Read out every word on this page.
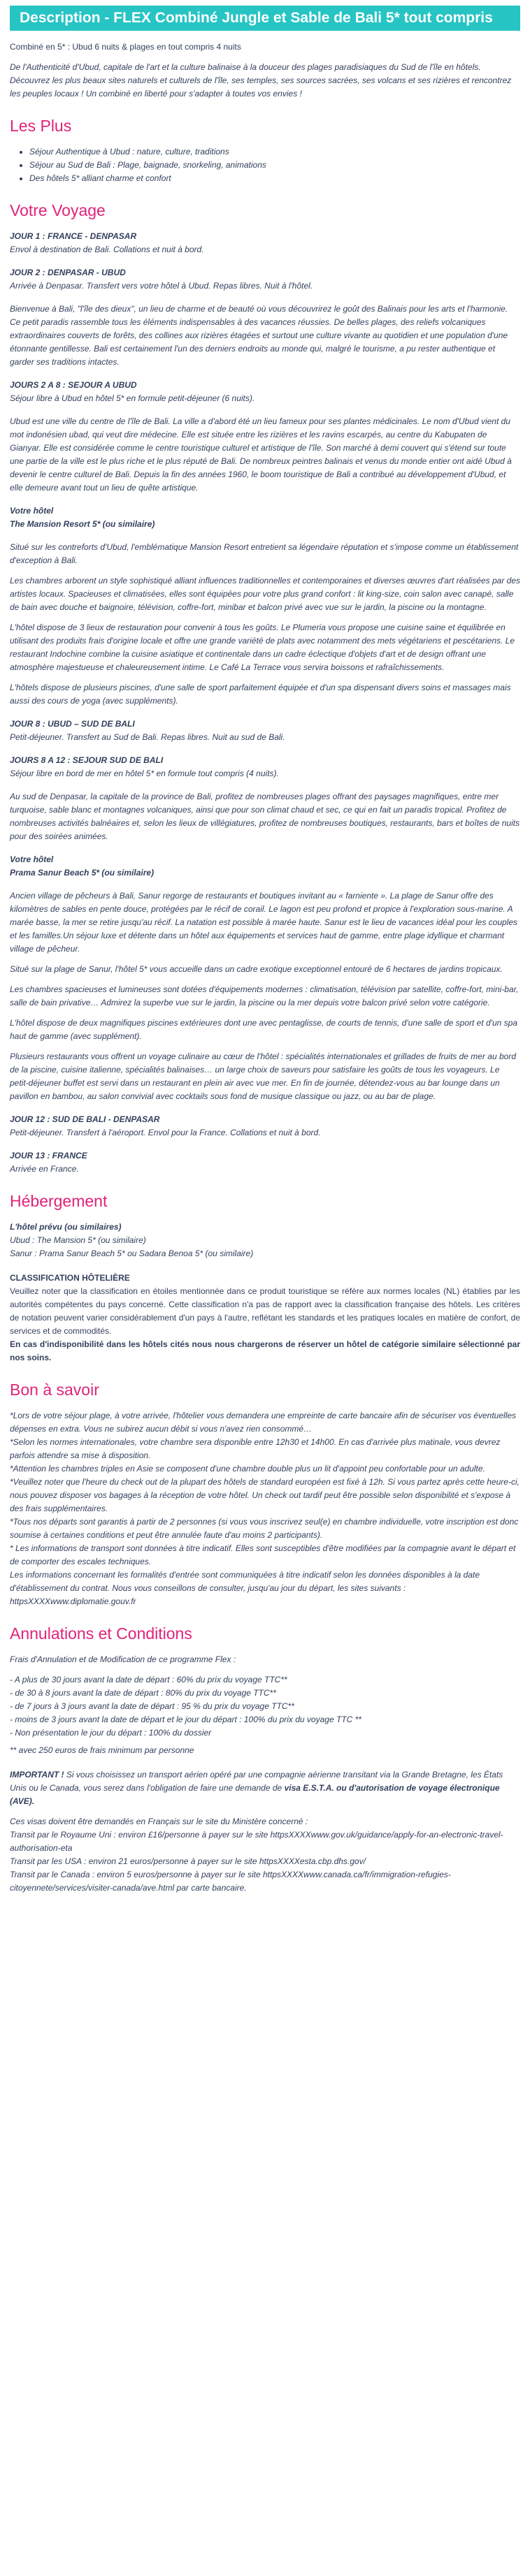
Description - FLEX Combiné Jungle et Sable de Bali 5* tout compris

Combiné en 5* : Ubud 6 nuits & plages en tout compris 4 nuits

De l'Authenticité d'Ubud, capitale de l'art et la culture balinaise à la douceur des plages paradisiaques du Sud de l'île en hôtels. Découvrez les plus beaux sites naturels et culturels de l'île, ses temples, ses sources sacrées, ses volcans et ses rizières et rencontrez les peuples locaux ! Un combiné en liberté pour s'adapter à toutes vos envies !

Les Plus
• Séjour Authentique à Ubud : nature, culture, traditions
• Séjour au Sud de Bali : Plage, baignade, snorkeling, animations
• Des hôtels 5* alliant charme et confort
Votre Voyage
JOUR 1 : FRANCE - DENPASAR
Envol à destination de Bali. Collations et nuit à bord.
JOUR 2 : DENPASAR - UBUD
Arrivée à Denpasar. Transfert vers votre hôtel à Ubud. Repas libres. Nuit à l'hôtel.

Bienvenue à Bali, "l'île des dieux", un lieu de charme et de beauté où vous découvrirez le goût des Balinais pour les arts et l'harmonie. Ce petit paradis rassemble tous les éléments indispensables à des vacances réussies. De belles plages, des reliefs volcaniques extraordinaires couverts de forêts, des collines aux rizières étagées et surtout une culture vivante au quotidien et une population d'une étonnante gentillesse. Bali est certainement l'un des derniers endroits au monde qui, malgré le tourisme, a pu rester authentique et garder ses traditions intactes.

JOURS 2 A 8 : SEJOUR A UBUD
Séjour libre à Ubud en hôtel 5* en formule petit-déjeuner (6 nuits).

Ubud est une ville du centre de l'île de Bali. La ville a d'abord été un lieu fameux pour ses plantes médicinales. Le nom d'Ubud vient du mot indonésien ubad, qui veut dire médecine. Elle est située entre les rizières et les ravins escarpés, au centre du Kabupaten de Gianyar. Elle est considérée comme le centre touristique culturel et artistique de l'île. Son marché à demi couvert qui s'étend sur toute une partie de la ville est le plus riche et le plus réputé de Bali. De nombreux peintres balinais et venus du monde entier ont aidé Ubud à devenir le centre culturel de Bali. Depuis la fin des années 1960, le boom touristique de Bali a contribué au développement d'Ubud, et elle demeure avant tout un lieu de quête artistique.

Votre hôtel
The Mansion Resort 5* (ou similaire)

Situé sur les contreforts d'Ubud, l'emblématique Mansion Resort entretient sa légendaire réputation et s'impose comme un établissement d'exception à Bali.

Les chambres arborent un style sophistiqué alliant influences traditionnelles et contemporaines et diverses œuvres d'art réalisées par des artistes locaux. Spacieuses et climatisées, elles sont équipées pour votre plus grand confort : lit king-size, coin salon avec canapé, salle de bain avec douche et baignoire, télévision, coffre-fort, minibar et balcon privé avec vue sur le jardin, la piscine ou la montagne.

L'hôtel dispose de 3 lieux de restauration pour convenir à tous les goûts. Le Plumeria vous propose une cuisine saine et équilibrée en utilisant des produits frais d'origine locale et offre une grande variété de plats avec notamment des mets végétariens et pescétariens. Le restaurant Indochine combine la cuisine asiatique et continentale dans un cadre éclectique d'objets d'art et de design offrant une atmosphère majestueuse et chaleureusement intime. Le Café La Terrace vous servira boissons et rafraîchissements.

L'hôtels dispose de plusieurs piscines, d'une salle de sport parfaitement équipée et d'un spa dispensant divers soins et massages mais aussi des cours de yoga (avec suppléments).

JOUR 8 : UBUD – SUD DE BALI
Petit-déjeuner. Transfert au Sud de Bali. Repas libres. Nuit au sud de Bali.
JOURS 8 A 12 : SEJOUR SUD DE BALI
Séjour libre en bord de mer en hôtel 5* en formule tout compris (4 nuits).

Au sud de Denpasar, la capitale de la province de Bali, profitez de nombreuses plages offrant des paysages magnifiques, entre mer turquoise, sable blanc et montagnes volcaniques, ainsi que pour son climat chaud et sec, ce qui en fait un paradis tropical. Profitez de nombreuses activités balnéaires et, selon les lieux de villégiatures, profitez de nombreuses boutiques, restaurants, bars et boîtes de nuits pour des soirées animées.

Votre hôtel
Prama Sanur Beach 5* (ou similaire)

Ancien village de pêcheurs à Bali, Sanur regorge de restaurants et boutiques invitant au « farniente ». La plage de Sanur offre des kilomètres de sables en pente douce, protégées par le récif de corail. Le lagon est peu profond et propice à l'exploration sous-marine. A marée basse, la mer se retire jusqu'au récif. La natation est possible à marée haute. Sanur est le lieu de vacances idéal pour les couples et les familles.Un séjour luxe et détente dans un hôtel aux équipements et services haut de gamme, entre plage idyllique et charmant village de pêcheur.

Situé sur la plage de Sanur, l'hôtel 5* vous accueille dans un cadre exotique exceptionnel entouré de 6 hectares de jardins tropicaux.

Les chambres spacieuses et lumineuses sont dotées d'équipements modernes : climatisation, télévision par satellite, coffre-fort, mini-bar, salle de bain privative… Admirez la superbe vue sur le jardin, la piscine ou la mer depuis votre balcon privé selon votre catégorie.

L'hôtel dispose de deux magnifiques piscines extérieures dont une avec pentaglisse, de courts de tennis, d'une salle de sport et d'un spa haut de gamme (avec supplément).

Plusieurs restaurants vous offrent un voyage culinaire au cœur de l'hôtel : spécialités internationales et grillades de fruits de mer au bord de la piscine, cuisine italienne, spécialités balinaises… un large choix de saveurs pour satisfaire les goûts de tous les voyageurs. Le petit-déjeuner buffet est servi dans un restaurant en plein air avec vue mer. En fin de journée, détendez-vous au bar lounge dans un pavillon en bambou, au salon convivial avec cocktails sous fond de musique classique ou jazz, ou au bar de plage.

JOUR 12 : SUD DE BALI - DENPASAR
Petit-déjeuner. Transfert à l'aéroport. Envol pour la France. Collations et nuit à bord.
JOUR 13 : FRANCE
Arrivée en France.
Hébergement
L'hôtel prévu (ou similaires)
Ubud : The Mansion 5* (ou similaire)
Sanur : Prama Sanur Beach 5* ou Sadara Benoa 5* (ou similaire)
CLASSIFICATION HÔTELIÈRE
Veuillez noter que la classification en étoiles mentionnée dans ce produit touristique se réfère aux normes locales (NL) établies par les autorités compétentes du pays concerné. Cette classification n'a pas de rapport avec la classification française des hôtels. Les critères de notation peuvent varier considérablement d'un pays à l'autre, reflétant les standards et les pratiques locales en matière de confort, de services et de commodités.
En cas d'indisponibilité dans les hôtels cités nous nous chargerons de réserver un hôtel de catégorie similaire sélectionné par nos soins.
Bon à savoir
*Lors de votre séjour plage, à votre arrivée, l'hôtelier vous demandera une empreinte de carte bancaire afin de sécuriser vos éventuelles dépenses en extra. Vous ne subirez aucun débit si vous n'avez rien consommé…
*Selon les normes internationales, votre chambre sera disponible entre 12h30 et 14h00. En cas d'arrivée plus matinale, vous devrez parfois attendre sa mise à disposition.
*Attention les chambres triples en Asie se composent d'une chambre double plus un lit d'appoint peu confortable pour un adulte.
*Veuillez noter que l'heure du check out de la plupart des hôtels de standard européen est fixé à 12h. Si vous partez après cette heure-ci, nous pouvez disposer vos bagages à la réception de votre hôtel. Un check out tardif peut être possible selon disponibilité et s'expose à des frais supplémentaires.
*Tous nos départs sont garantis à partir de 2 personnes (si vous vous inscrivez seul(e) en chambre individuelle, votre inscription est donc soumise à certaines conditions et peut être annulée faute d'au moins 2 participants).
* Les informations de transport sont données à titre indicatif. Elles sont susceptibles d'être modifiées par la compagnie avant le départ et de comporter des escales techniques.
Les informations concernant les formalités d'entrée sont communiquées à titre indicatif selon les données disponibles à la date d'établissement du contrat. Nous vous conseillons de consulter, jusqu'au jour du départ, les sites suivants : httpsXXXXwww.diplomatie.gouv.fr
Annulations et Conditions

Frais d'Annulation et de Modification de ce programme Flex :

- A plus de 30 jours avant la date de départ : 60% du prix du voyage TTC**
- de 30 à 8 jours avant la date de départ : 80% du prix du voyage TTC**
- de 7 jours à 3 jours avant la date de départ : 95 % du prix du voyage TTC**
- moins de 3 jours avant la date de départ et le jour du départ : 100% du prix du voyage TTC **
- Non présentation le jour du départ : 100% du dossier

** avec 250 euros de frais minimum par personne

IMPORTANT ! Si vous choisissez un transport aérien opéré par une compagnie aérienne transitant via la Grande Bretagne, les États Unis ou le Canada, vous serez dans l'obligation de faire une demande de visa E.S.T.A. ou d'autorisation de voyage électronique (AVE).

Ces visas doivent être demandés en Français sur le site du Ministère concerné :
Transit par le Royaume Uni : environ £16/personne à payer sur le site httpsXXXXwww.gov.uk/guidance/apply-for-an-electronic-travel-authorisation-eta
Transit par les USA : environ 21 euros/personne à payer sur le site httpsXXXXesta.cbp.dhs.gov/
Transit par le Canada : environ 5 euros/personne à payer sur le site httpsXXXXwww.canada.ca/fr/immigration-refugies-citoyennete/services/visiter-canada/ave.html par carte bancaire.
